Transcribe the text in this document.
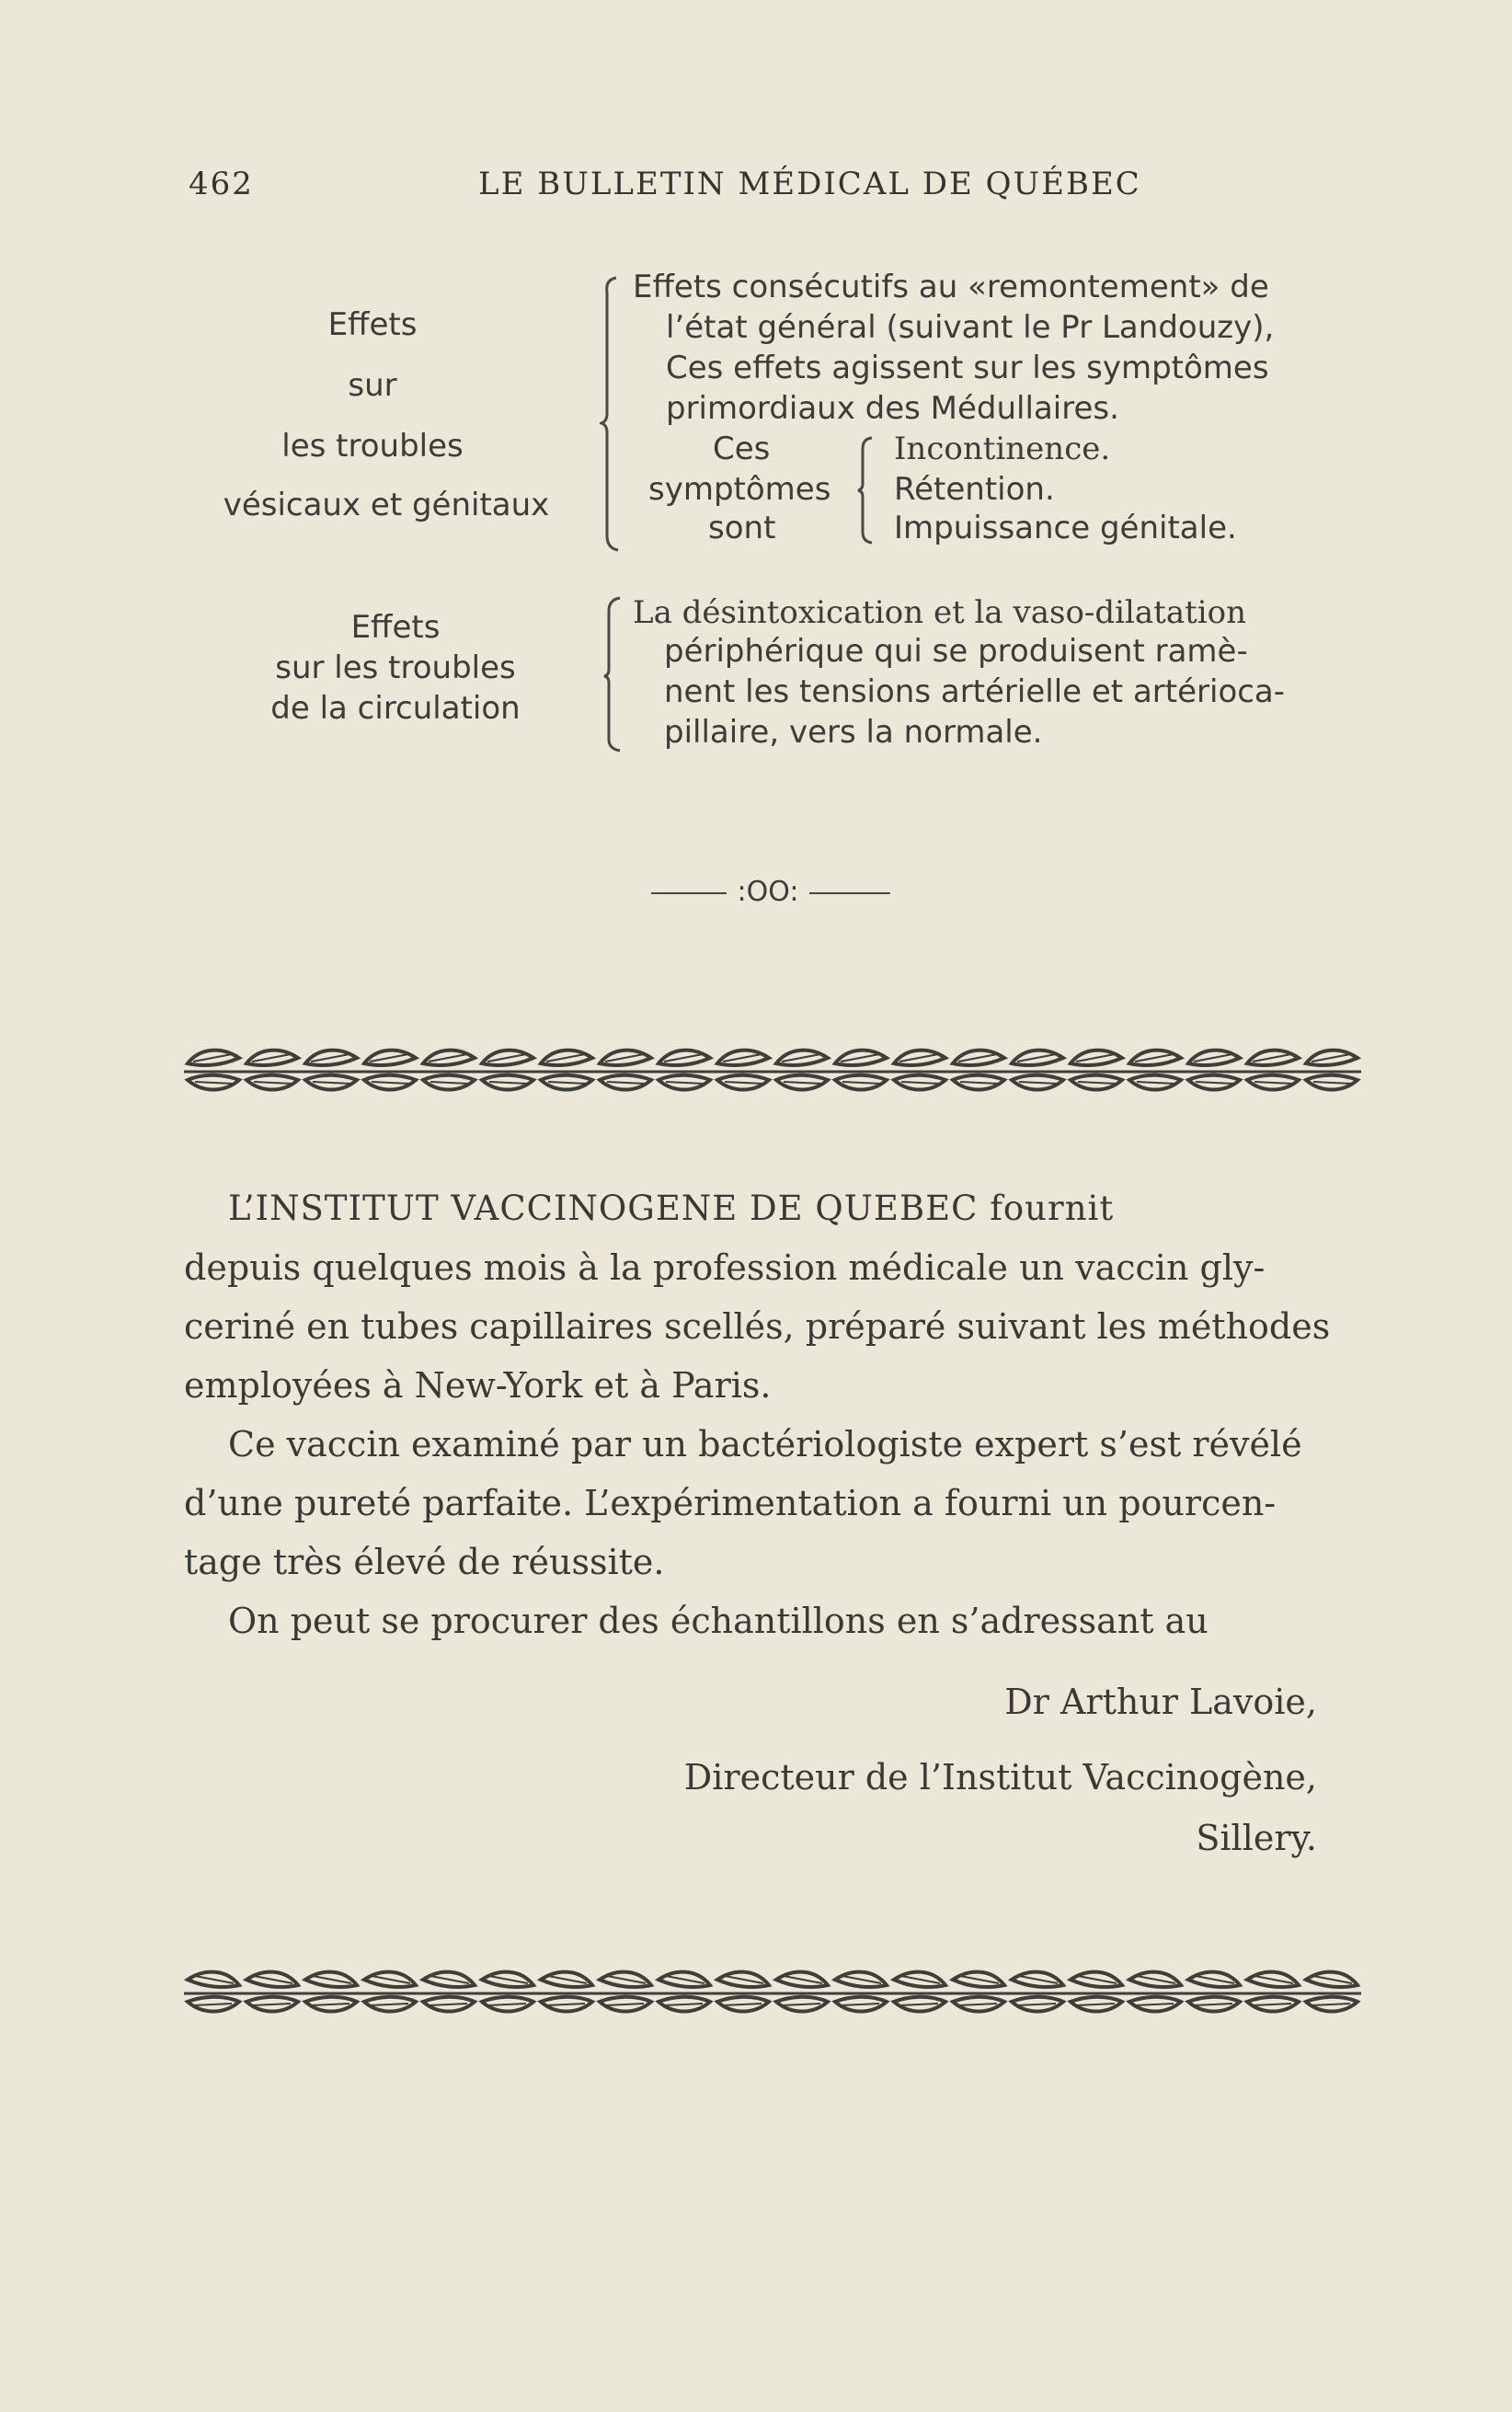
462	LE BULLETIN MÉDICAL DE QUÉBEC
Effets
sur
les troubles
vésicaux et génitaux
Effets consécutifs au «remontement» de
l’état général (suivant le Pr Landouzy),
Ces effets agissent sur les symptômes
primordiaux des Médullaires.
Ces
symptômes
sont
Incontinence.
Rétention.
Impuissance génitale.
Effets
sur les troubles
de la circulation
La désintoxication et la vaso-dilatation
périphérique qui se produisent ramè-
nent les tensions artérielle et artérioca-
pillaire, vers la normale.
:OO:
L’INSTITUT VACCINOGENE DE QUEBEC fournit
depuis quelques mois à la profession médicale un vaccin gly-
ceriné en tubes capillaires scellés, préparé suivant les méthodes
employées à New-York et à Paris.
Ce vaccin examiné par un bactériologiste expert s’est révélé
d’une pureté parfaite. L’expérimentation a fourni un pourcen-
tage très élevé de réussite.
On peut se procurer des échantillons en s’adressant au
Dr Arthur Lavoie,
Directeur de l’Institut Vaccinogène,
Sillery.
